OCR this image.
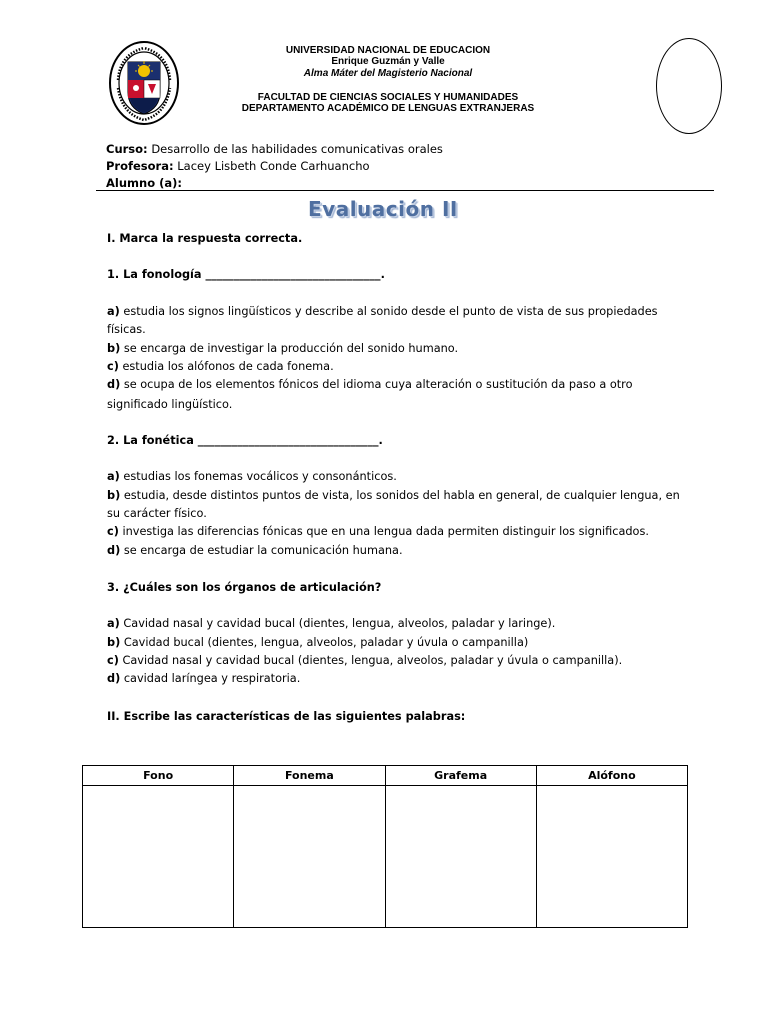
UNIVERSIDAD NACIONAL DE EDUCACION
Enrique Guzmán y Valle
Alma Máter del Magisterio Nacional
FACULTAD DE CIENCIAS SOCIALES Y HUMANIDADES
DEPARTAMENTO ACADÉMICO DE LENGUAS EXTRANJERAS
Curso: Desarrollo de las habilidades comunicativas orales
Profesora: Lacey Lisbeth Conde Carhuancho
Alumno (a):
Evaluación II
I. Marca la respuesta correcta.
1. La fonología _______________________________.
a) estudia los signos lingüísticos y describe al sonido desde el punto de vista de sus propiedades
físicas.
b) se encarga de investigar la producción del sonido humano.
c) estudia los alófonos de cada fonema.
d) se ocupa de los elementos fónicos del idioma cuya alteración o sustitución da paso a otro
significado lingüístico.
2. La fonética ________________________________.
a) estudias los fonemas vocálicos y consonánticos.
b) estudia, desde distintos puntos de vista, los sonidos del habla en general, de cualquier lengua, en
su carácter físico.
c) investiga las diferencias fónicas que en una lengua dada permiten distinguir los significados.
d) se encarga de estudiar la comunicación humana.
3. ¿Cuáles son los órganos de articulación?
a) Cavidad nasal y cavidad bucal (dientes, lengua, alveolos, paladar y laringe).
b) Cavidad bucal (dientes, lengua, alveolos, paladar y úvula o campanilla)
c) Cavidad nasal y cavidad bucal (dientes, lengua, alveolos, paladar y úvula o campanilla).
d) cavidad laríngea y respiratoria.
II. Escribe las características de las siguientes palabras:
Fono	Fonema	Grafema	Alófono
